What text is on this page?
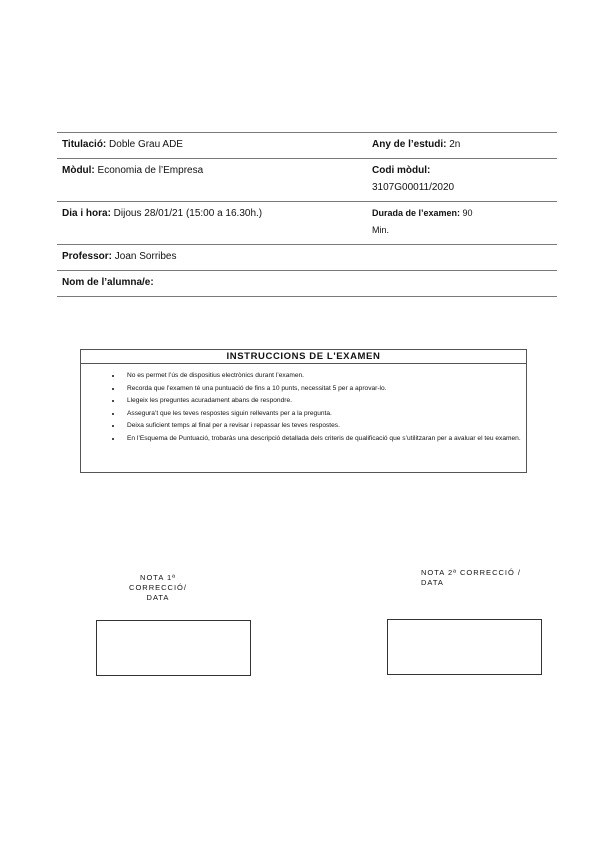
Titulació: Doble Grau ADE	Any de l’estudi: 2n
Mòdul: Economia de l’Empresa	Codi mòdul:
3107G00011/2020
Dia i hora: Dijous 28/01/21 (15:00 a 16.30h.)	Durada de l’examen: 90
Min.
Professor: Joan Sorribes	
Nom de l’alumna/e:	
INSTRUCCIONS DE L'EXAMEN
• No es permet l’ús de dispositius electrònics durant l’examen.
• Recorda que l’examen té una puntuació de fins a 10 punts, necessitat 5 per a aprovar-lo.
• Llegeix les preguntes acuradament abans de respondre.
• Assegura’t que les teves respostes siguin rellevants per a la pregunta.
• Deixa suficient temps al final per a revisar i repassar les teves respostes.
• En l’Esquema de Puntuació, trobaràs una descripció detallada dels criteris de qualificació que s’utilitzaran per a avaluar el teu examen.
NOTA 1ª CORRECCIÓ/
DATA
NOTA 2ª CORRECCIÓ /
DATA
